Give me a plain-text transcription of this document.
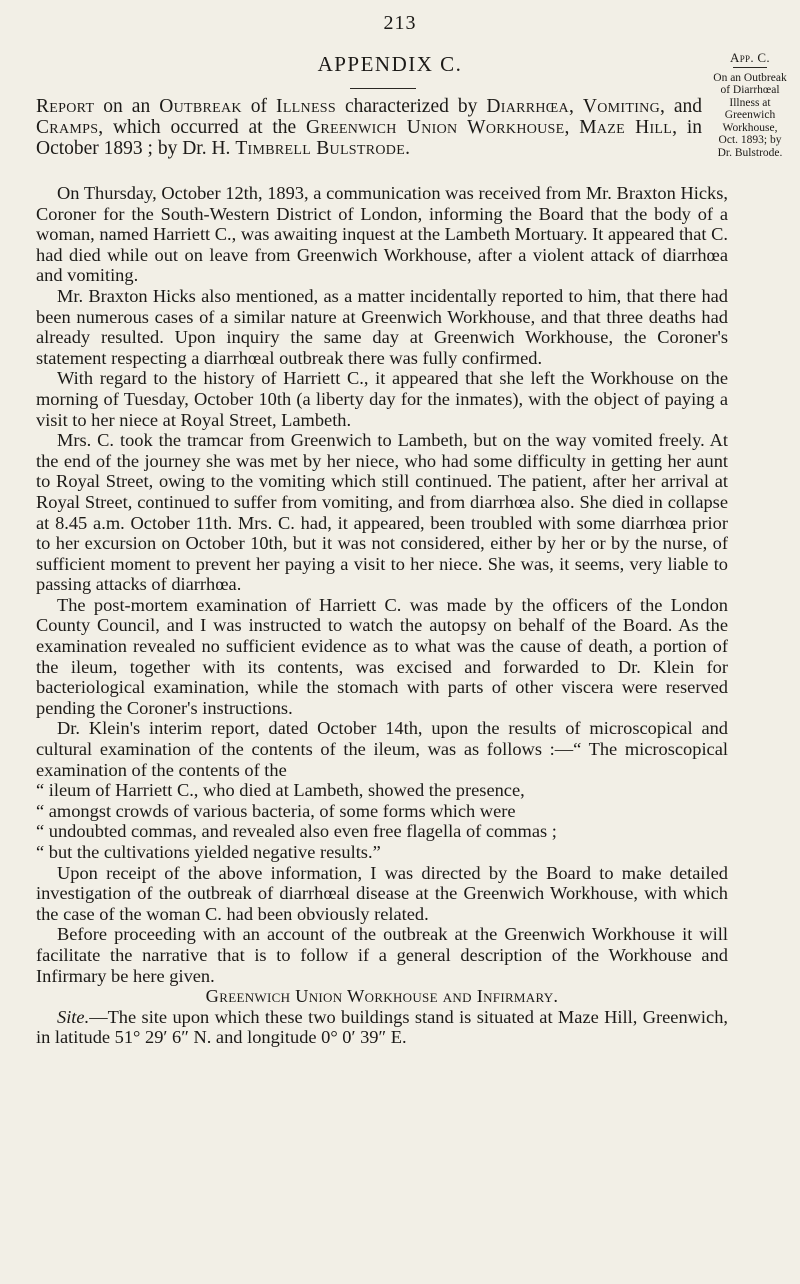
213
APPENDIX C.	App. C.
On an Outbreak
of Diarrhœal
Illness at
Greenwich
Workhouse,
Oct. 1893; by
Dr. Bulstrode.
Report on an Outbreak of Illness characterized by Diarrhœa, Vomiting, and Cramps, which occurred at the Greenwich Union Workhouse, Maze Hill, in October 1893 ; by Dr. H. Timbrell Bulstrode.

On Thursday, October 12th, 1893, a communication was received from Mr. Braxton Hicks, Coroner for the South-Western District of London, informing the Board that the body of a woman, named Harriett C., was awaiting inquest at the Lambeth Mortuary. It appeared that C. had died while out on leave from Greenwich Workhouse, after a violent attack of diarrhœa and vomiting.

Mr. Braxton Hicks also mentioned, as a matter incidentally reported to him, that there had been numerous cases of a similar nature at Greenwich Workhouse, and that three deaths had already resulted. Upon inquiry the same day at Greenwich Workhouse, the Coroner's statement respecting a diarrhœal outbreak there was fully confirmed.

With regard to the history of Harriett C., it appeared that she left the Workhouse on the morning of Tuesday, October 10th (a liberty day for the inmates), with the object of paying a visit to her niece at Royal Street, Lambeth.

Mrs. C. took the tramcar from Greenwich to Lambeth, but on the way vomited freely. At the end of the journey she was met by her niece, who had some difficulty in getting her aunt to Royal Street, owing to the vomiting which still continued. The patient, after her arrival at Royal Street, continued to suffer from vomiting, and from diarrhœa also. She died in collapse at 8.45 a.m. October 11th. Mrs. C. had, it appeared, been troubled with some diarrhœa prior to her excursion on October 10th, but it was not considered, either by her or by the nurse, of sufficient moment to prevent her paying a visit to her niece. She was, it seems, very liable to passing attacks of diarrhœa.

The post-mortem examination of Harriett C. was made by the officers of the London County Council, and I was instructed to watch the autopsy on behalf of the Board. As the examination revealed no sufficient evidence as to what was the cause of death, a portion of the ileum, together with its contents, was excised and forwarded to Dr. Klein for bacteriological examination, while the stomach with parts of other viscera were reserved pending the Coroner's instructions.

Dr. Klein's interim report, dated October 14th, upon the results of microscopical and cultural examination of the contents of the ileum, was as follows :—“ The microscopical examination of the contents of the

“ ileum of Harriett C., who died at Lambeth, showed the presence,

“ amongst crowds of various bacteria, of some forms which were

“ undoubted commas, and revealed also even free flagella of commas ;

“ but the cultivations yielded negative results.”

Upon receipt of the above information, I was directed by the Board to make detailed investigation of the outbreak of diarrhœal disease at the Greenwich Workhouse, with which the case of the woman C. had been obviously related.

Before proceeding with an account of the outbreak at the Greenwich Workhouse it will facilitate the narrative that is to follow if a general description of the Workhouse and Infirmary be here given.

Greenwich Union Workhouse and Infirmary.

Site.—The site upon which these two buildings stand is situated at Maze Hill, Greenwich, in latitude 51° 29′ 6″ N. and longitude 0° 0′ 39″ E.
